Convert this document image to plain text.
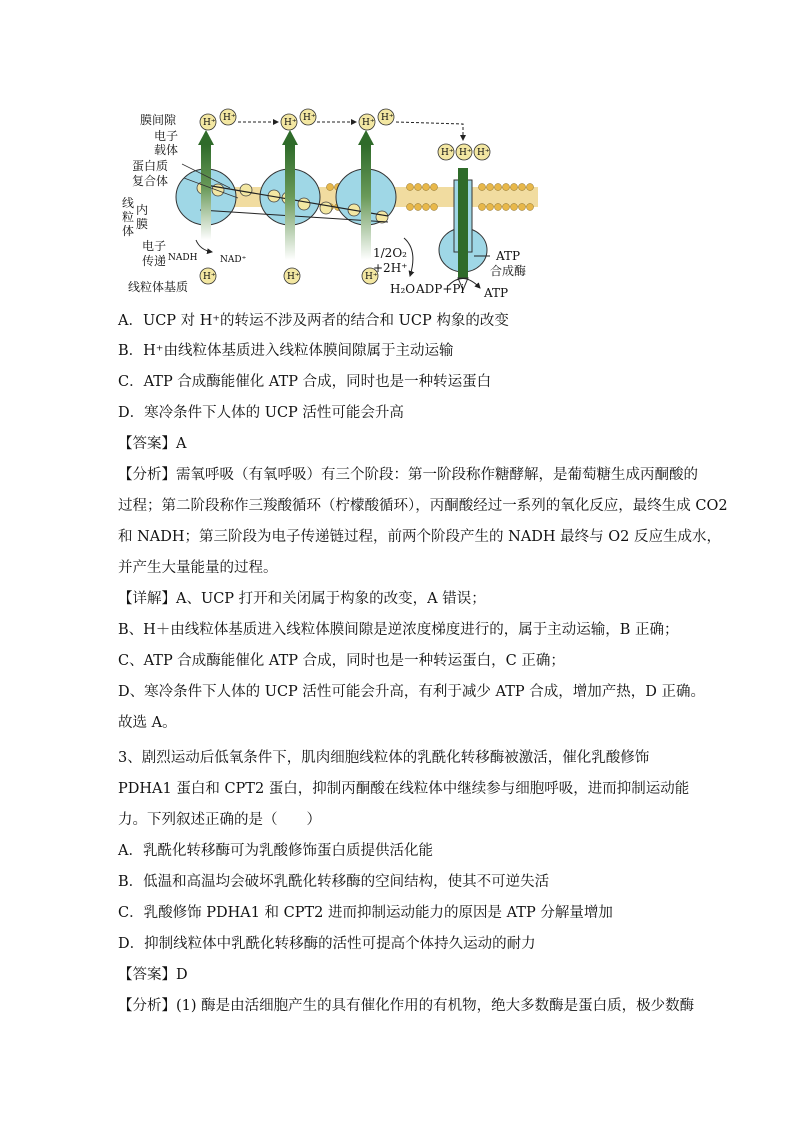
H⁺ H⁺	H⁺ H⁺	H⁺ H⁺
H⁺ H⁺ H⁺
H⁺	H⁺	H⁺
膜间隙
电子
载体
蛋白质
复合体
线
粒
体
内
膜
电子
传递
线粒体基质
NADH	NAD⁺	1/2O₂
+2H⁺
H₂O ADP+Pi ATP
ATP
合成酶
A．UCP 对 H⁺的转运不涉及两者的结合和 UCP 构象的改变
B．H⁺由线粒体基质进入线粒体膜间隙属于主动运输
C．ATP 合成酶能催化 ATP 合成，同时也是一种转运蛋白
D．寒冷条件下人体的 UCP 活性可能会升高
【答案】A
【分析】需氧呼吸（有氧呼吸）有三个阶段：第一阶段称作糖酵解，是葡萄糖生成丙酮酸的
过程；第二阶段称作三羧酸循环（柠檬酸循环），丙酮酸经过一系列的氧化反应，最终生成 CO2
和 NADH；第三阶段为电子传递链过程，前两个阶段产生的 NADH 最终与 O2 反应生成水，
并产生大量能量的过程。
【详解】A、UCP 打开和关闭属于构象的改变，A 错误；
B、H＋由线粒体基质进入线粒体膜间隙是逆浓度梯度进行的，属于主动运输，B 正确；
C、ATP 合成酶能催化 ATP 合成，同时也是一种转运蛋白，C 正确；
D、寒冷条件下人体的 UCP 活性可能会升高，有利于减少 ATP 合成，增加产热，D 正确。
故选 A。
3、剧烈运动后低氧条件下，肌肉细胞线粒体的乳酰化转移酶被激活，催化乳酸修饰
PDHA1 蛋白和 CPT2 蛋白，抑制丙酮酸在线粒体中继续参与细胞呼吸，进而抑制运动能
力。下列叙述正确的是（　　）
A．乳酰化转移酶可为乳酸修饰蛋白质提供活化能
B．低温和高温均会破坏乳酰化转移酶的空间结构，使其不可逆失活
C．乳酸修饰 PDHA1 和 CPT2 进而抑制运动能力的原因是 ATP 分解量增加
D．抑制线粒体中乳酰化转移酶的活性可提高个体持久运动的耐力
【答案】D
【分析】(1) 酶是由活细胞产生的具有催化作用的有机物，绝大多数酶是蛋白质，极少数酶
